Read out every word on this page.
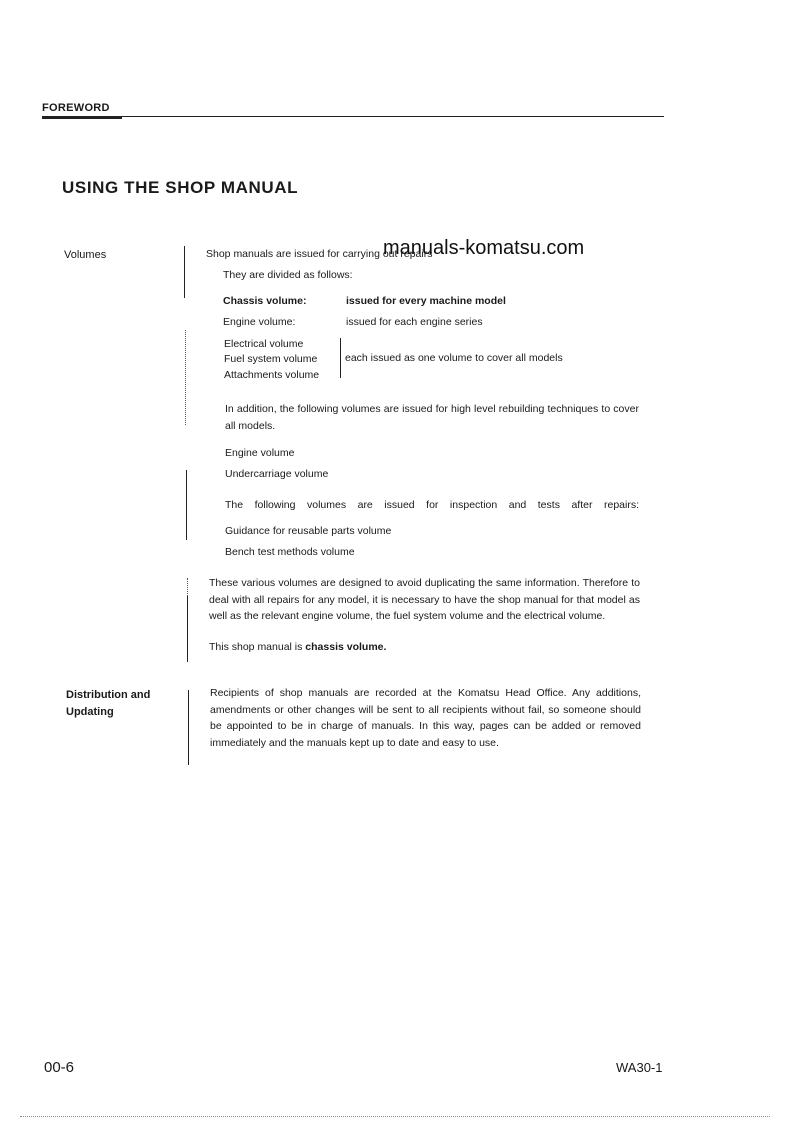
FOREWORD
USING THE SHOP MANUAL
manuals-komatsu.com
Volumes	Shop manuals are issued for carrying out repairs
They are divided as follows:
Chassis volume:	issued for every machine model
Engine volume:	issued for each engine series
Electrical volume
Fuel system volume
Attachments volume
each issued as one volume to cover all models
In addition, the following volumes are issued for high level rebuilding techniques to cover all models.
Engine volume
Undercarriage volume
The following volumes are issued for inspection and tests after repairs:
Guidance for reusable parts volume
Bench test methods volume
These various volumes are designed to avoid duplicating the same information. Therefore to deal with all repairs for any model, it is necessary to have the shop manual for that model as well as the relevant engine volume, the fuel system volume and the electrical volume.
This shop manual is chassis volume.
Distribution and
Updating
Recipients of shop manuals are recorded at the Komatsu Head Office. Any additions, amendments or other changes will be sent to all recipients without fail, so someone should be appointed to be in charge of manuals. In this way, pages can be added or removed immediately and the manuals kept up to date and easy to use.
00-6	WA30-1
